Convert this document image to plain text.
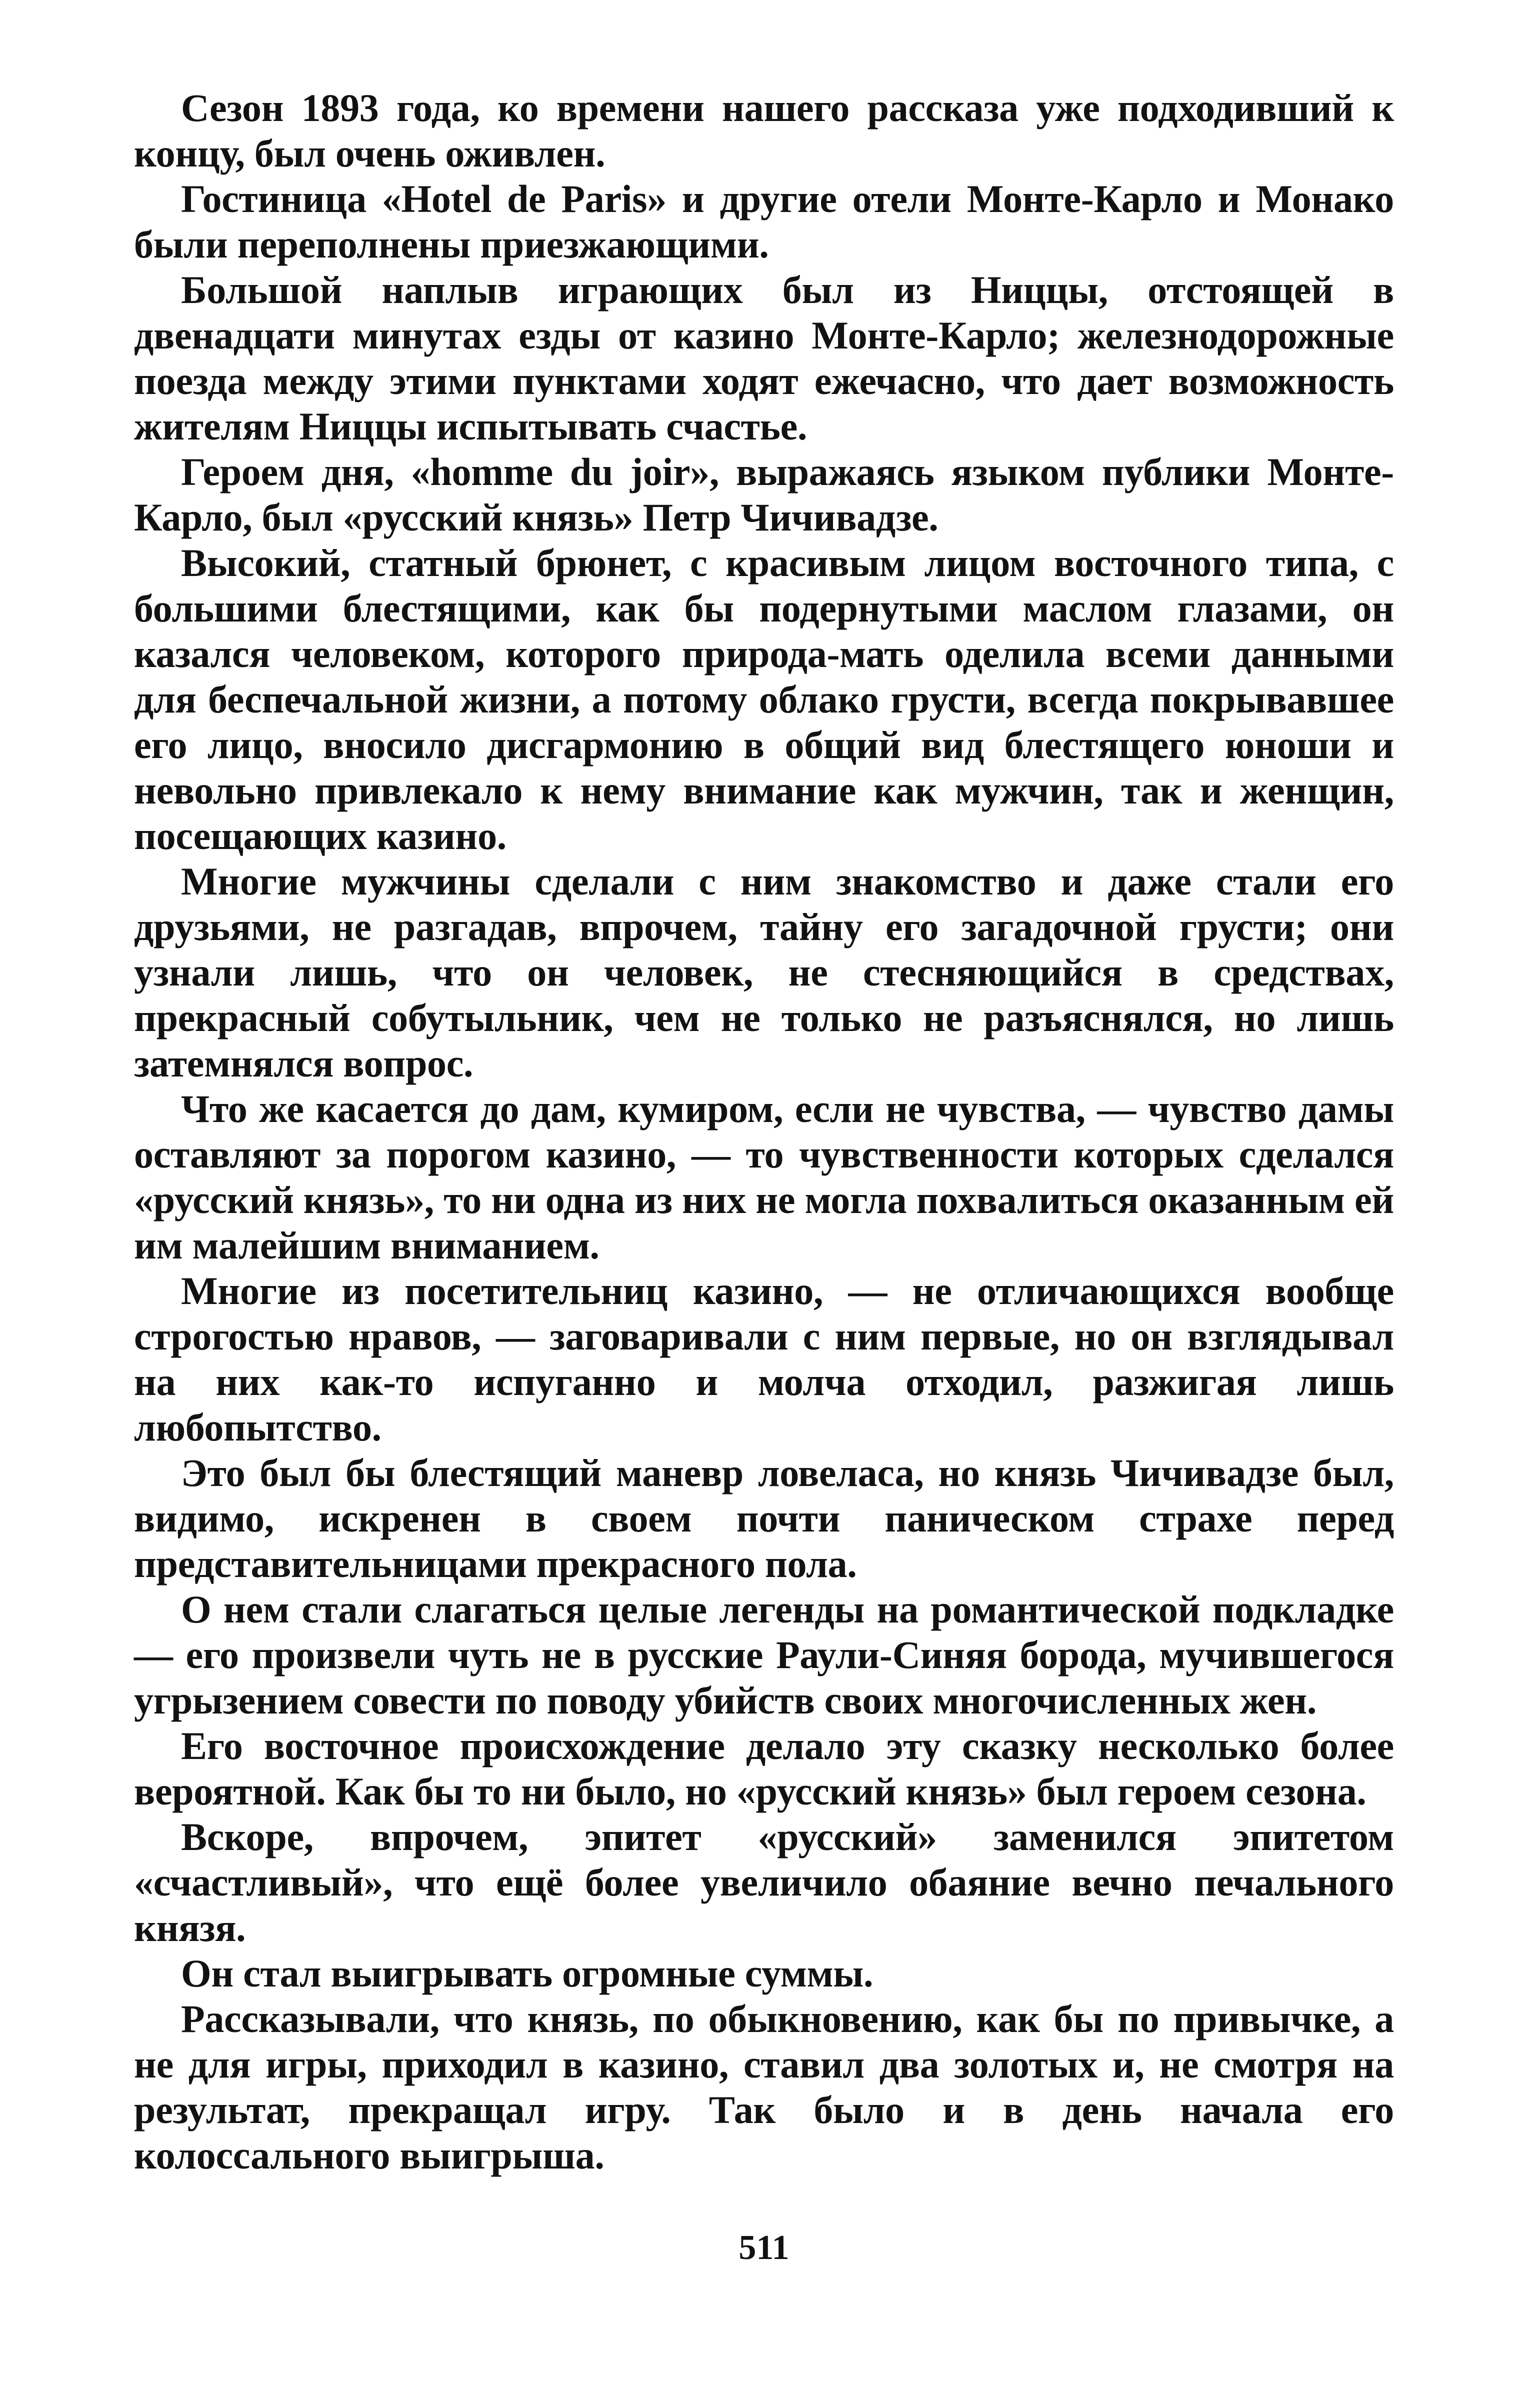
Сезон 1893 года, ко времени нашего рассказа уже подходивший к концу, был очень оживлен.

Гостиница «Hotel de Paris» и другие отели Монте-Карло и Монако были переполнены приезжающими.

Большой наплыв играющих был из Ниццы, отстоящей в двенадцати минутах езды от казино Монте-Карло; железнодорожные поезда между этими пунктами ходят ежечасно, что дает возможность жителям Ниццы испытывать счастье.

Героем дня, «homme du joir», выражаясь языком публики Монте-Карло, был «русский князь» Петр Чичивадзе.

Высокий, статный брюнет, с красивым лицом восточного типа, с большими блестящими, как бы подернутыми маслом глазами, он казался человеком, которого природа-мать оделила всеми данными для беспечальной жизни, а потому облако грусти, всегда покрывавшее его лицо, вносило дисгармонию в общий вид блестящего юноши и невольно привлекало к нему внимание как мужчин, так и женщин, посещающих казино.

Многие мужчины сделали с ним знакомство и даже стали его друзьями, не разгадав, впрочем, тайну его загадочной грусти; они узнали лишь, что он человек, не стесняющийся в средствах, прекрасный собутыльник, чем не только не разъяснялся, но лишь затемнялся вопрос.

Что же касается до дам, кумиром, если не чувства, — чувство дамы оставляют за порогом казино, — то чувственности которых сделался «русский князь», то ни одна из них не могла похвалиться оказанным ей им малейшим вниманием.

Многие из посетительниц казино, — не отличающихся вообще строгостью нравов, — заговаривали с ним первые, но он взглядывал на них как-то испуганно и молча отходил, разжигая лишь любопытство.

Это был бы блестящий маневр ловеласа, но князь Чичивадзе был, видимо, искренен в своем почти паническом страхе перед представительницами прекрасного пола.

О нем стали слагаться целые легенды на романтической подкладке — его произвели чуть не в русские Раули-Синяя борода, мучившегося угрызением совести по поводу убийств своих многочисленных жен.

Его восточное происхождение делало эту сказку несколько более вероятной. Как бы то ни было, но «русский князь» был героем сезона.

Вскоре, впрочем, эпитет «русский» заменился эпитетом «счастливый», что ещё более увеличило обаяние вечно печального князя.

Он стал выигрывать огромные суммы.

Рассказывали, что князь, по обыкновению, как бы по привычке, а не для игры, приходил в казино, ставил два золотых и, не смотря на результат, прекращал игру. Так было и в день начала его колоссального выигрыша.

511
